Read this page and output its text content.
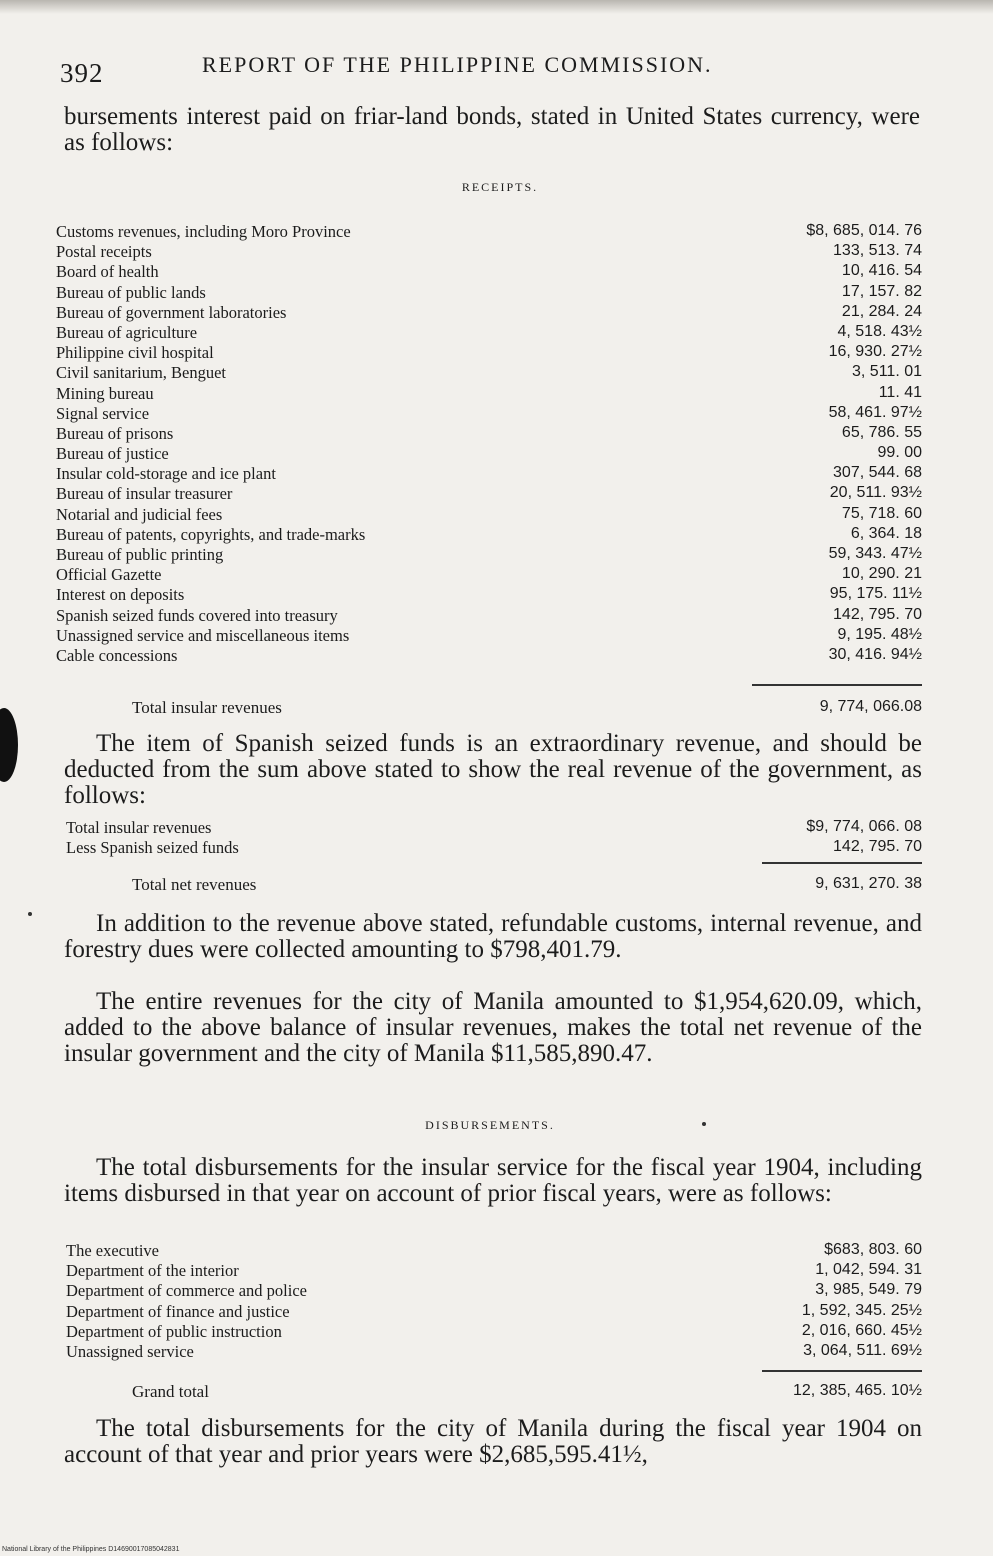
392	REPORT OF THE PHILIPPINE COMMISSION.

bursements interest paid on friar-land bonds, stated in United States currency, were as follows:

RECEIPTS.
Customs revenues, including Moro Province	$8, 685, 014. 76
Postal receipts	133, 513. 74
Board of health	10, 416. 54
Bureau of public lands	17, 157. 82
Bureau of government laboratories	21, 284. 24
Bureau of agriculture	4, 518. 43½
Philippine civil hospital	16, 930. 27½
Civil sanitarium, Benguet	3, 511. 01
Mining bureau	11. 41
Signal service	58, 461. 97½
Bureau of prisons	65, 786. 55
Bureau of justice	99. 00
Insular cold-storage and ice plant	307, 544. 68
Bureau of insular treasurer	20, 511. 93½
Notarial and judicial fees	75, 718. 60
Bureau of patents, copyrights, and trade-marks	6, 364. 18
Bureau of public printing	59, 343. 47½
Official Gazette	10, 290. 21
Interest on deposits	95, 175. 11½
Spanish seized funds covered into treasury	142, 795. 70
Unassigned service and miscellaneous items	9, 195. 48½
Cable concessions	30, 416. 94½
Total insular revenues	9, 774, 066.08

The item of Spanish seized funds is an extraordinary revenue, and should be deducted from the sum above stated to show the real revenue of the government, as follows:

Total insular revenues	$9, 774, 066. 08
Less Spanish seized funds	142, 795. 70
Total net revenues	9, 631, 270. 38

In addition to the revenue above stated, refundable customs, internal revenue, and forestry dues were collected amounting to $798,401.79.

The entire revenues for the city of Manila amounted to $1,954,620.09, which, added to the above balance of insular revenues, makes the total net revenue of the insular government and the city of Manila $11,585,890.47.

DISBURSEMENTS.

The total disbursements for the insular service for the fiscal year 1904, including items disbursed in that year on account of prior fiscal years, were as follows:

The executive	$683, 803. 60
Department of the interior	1, 042, 594. 31
Department of commerce and police	3, 985, 549. 79
Department of finance and justice	1, 592, 345. 25½
Department of public instruction	2, 016, 660. 45½
Unassigned service	3, 064, 511. 69½
Grand total	12, 385, 465. 10½

The total disbursements for the city of Manila during the fiscal year 1904 on account of that year and prior years were $2,685,595.41½,

National Library of the Philippines D14690017085042831
